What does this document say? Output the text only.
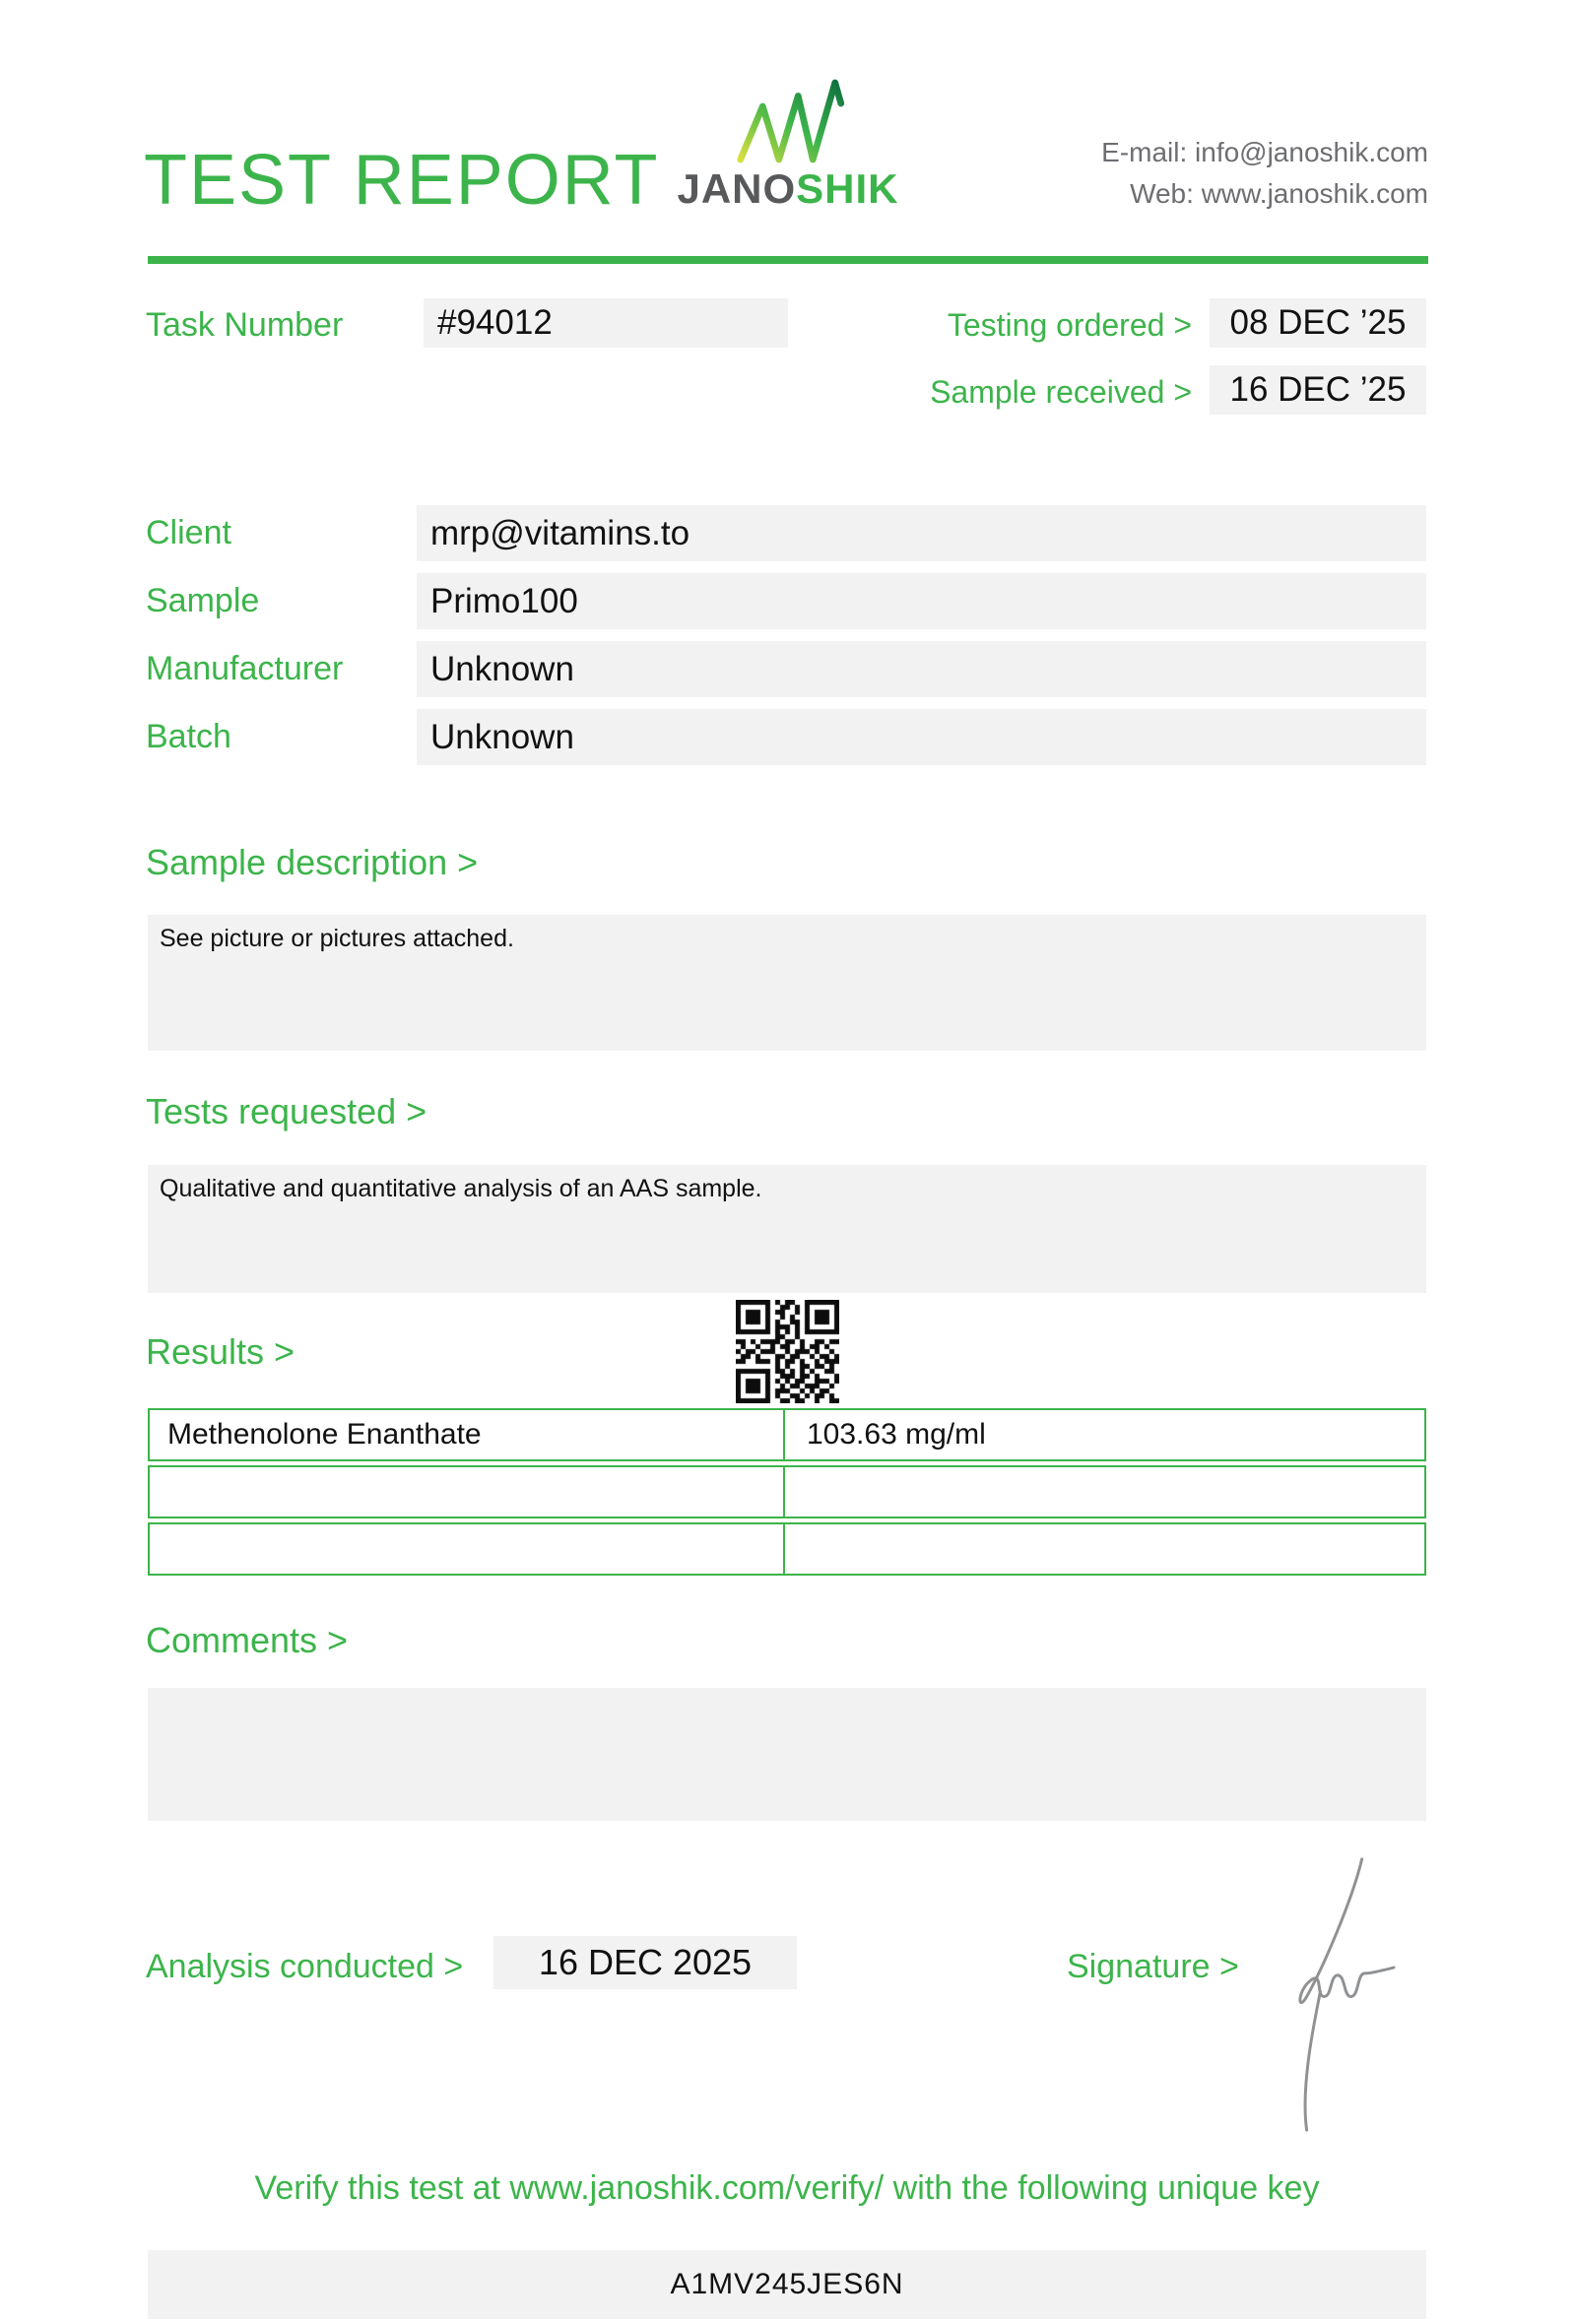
TEST REPORT JANOSHIK
E-mail: info@janoshik.com
Web: www.janoshik.com
Task Number	#94012	Testing ordered >	08 DEC ’25
Sample received >	16 DEC ’25
Client	mrp@vitamins.to
Sample	Primo100
Manufacturer	Unknown
Batch	Unknown
Sample description >
See picture or pictures attached.
Tests requested >
Qualitative and quantitative analysis of an AAS sample.
Results >
Methenolone Enanthate	103.63 mg/ml
Comments >
Analysis conducted >	16 DEC 2025	Signature >
Verify this test at www.janoshik.com/verify/ with the following unique key
A1MV245JES6N
